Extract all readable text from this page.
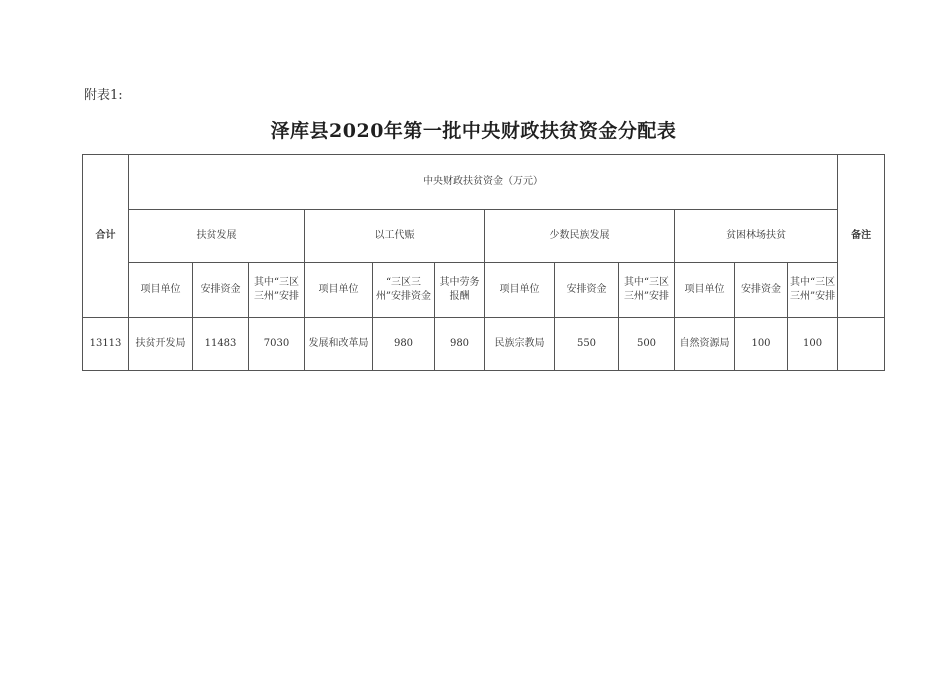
附表1:
泽库县2020年第一批中央财政扶贫资金分配表
合计	中央财政扶贫资金（万元）												备注
	扶贫发展			以工代赈			少数民族发展			贫困林场扶贫			
	项目单位	安排资金	其中“三区三州”安排	项目单位	“三区三州”安排资金	其中劳务报酬	项目单位	安排资金	其中“三区三州”安排	项目单位	安排资金	其中“三区三州”安排	
13113	扶贫开发局	11483	7030	发展和改革局	980	980	民族宗教局	550	500	自然资源局	100	100	
